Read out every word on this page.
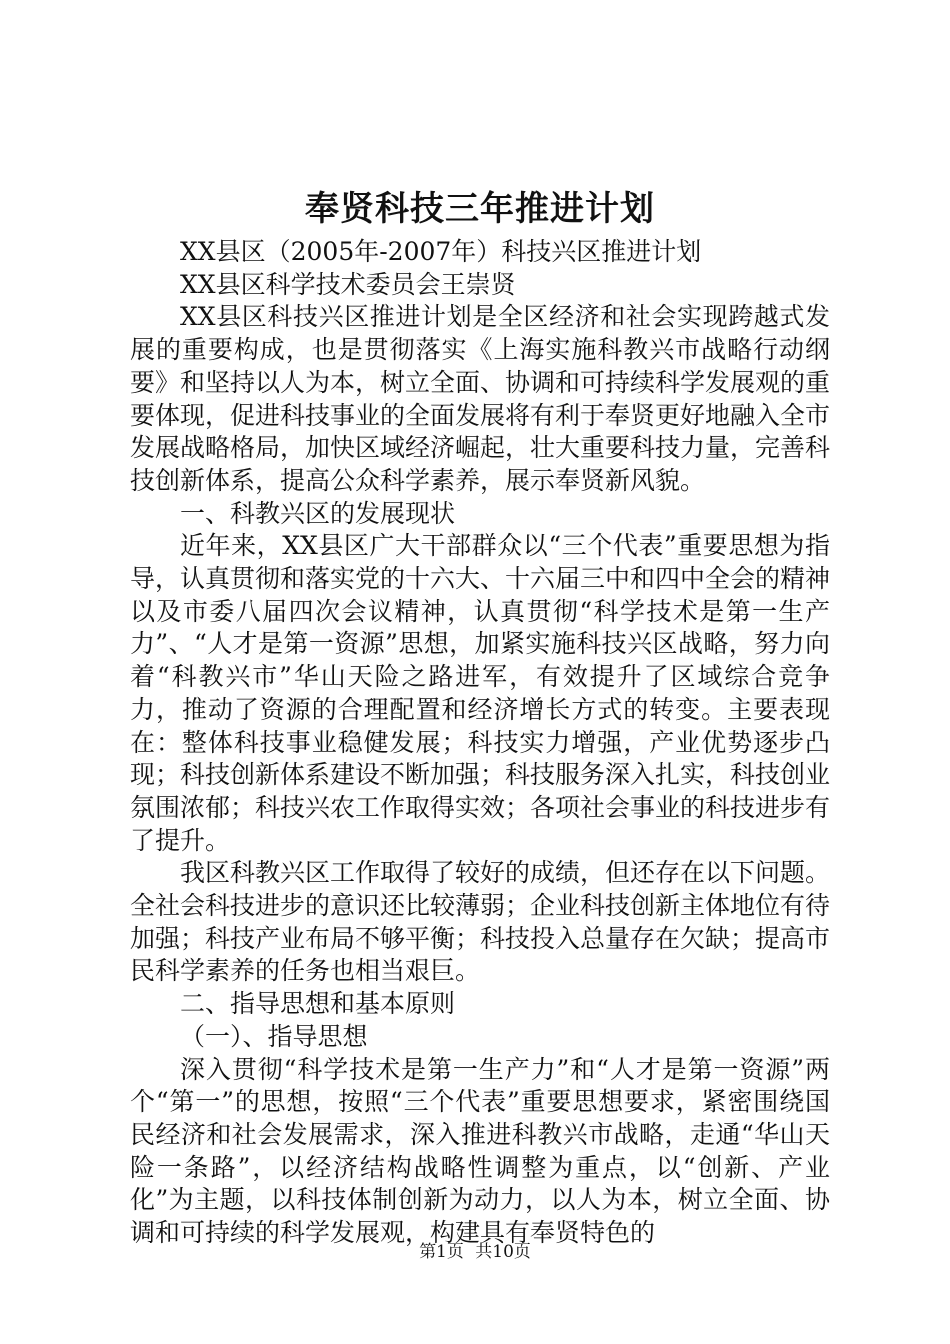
奉贤科技三年推进计划

XX县区（2005年-2007年）科技兴区推进计划

XX县区科学技术委员会王崇贤

XX县区科技兴区推进计划是全区经济和社会实现跨越式发展的重要构成，也是贯彻落实《上海实施科教兴市战略行动纲要》和坚持以人为本，树立全面、协调和可持续科学发展观的重要体现，促进科技事业的全面发展将有利于奉贤更好地融入全市发展战略格局，加快区域经济崛起，壮大重要科技力量，完善科技创新体系，提高公众科学素养，展示奉贤新风貌。

一、科教兴区的发展现状

近年来，XX县区广大干部群众以“三个代表”重要思想为指导，认真贯彻和落实党的十六大、十六届三中和四中全会的精神以及市委八届四次会议精神，认真贯彻“科学技术是第一生产力”、“人才是第一资源”思想，加紧实施科技兴区战略，努力向着“科教兴市”华山天险之路进军，有效提升了区域综合竞争力，推动了资源的合理配置和经济增长方式的转变。主要表现在：整体科技事业稳健发展；科技实力增强，产业优势逐步凸现；科技创新体系建设不断加强；科技服务深入扎实，科技创业氛围浓郁；科技兴农工作取得实效；各项社会事业的科技进步有了提升。

我区科教兴区工作取得了较好的成绩，但还存在以下问题。全社会科技进步的意识还比较薄弱；企业科技创新主体地位有待加强；科技产业布局不够平衡；科技投入总量存在欠缺；提高市民科学素养的任务也相当艰巨。

二、指导思想和基本原则

（一）、指导思想

深入贯彻“科学技术是第一生产力”和“人才是第一资源”两个“第一”的思想，按照“三个代表”重要思想要求，紧密围绕国民经济和社会发展需求，深入推进科教兴市战略，走通“华山天险一条路”，以经济结构战略性调整为重点，以“创新、产业化”为主题，以科技体制创新为动力，以人为本，树立全面、协调和可持续的科学发展观，构建具有奉贤特色的

第1页 共10页
